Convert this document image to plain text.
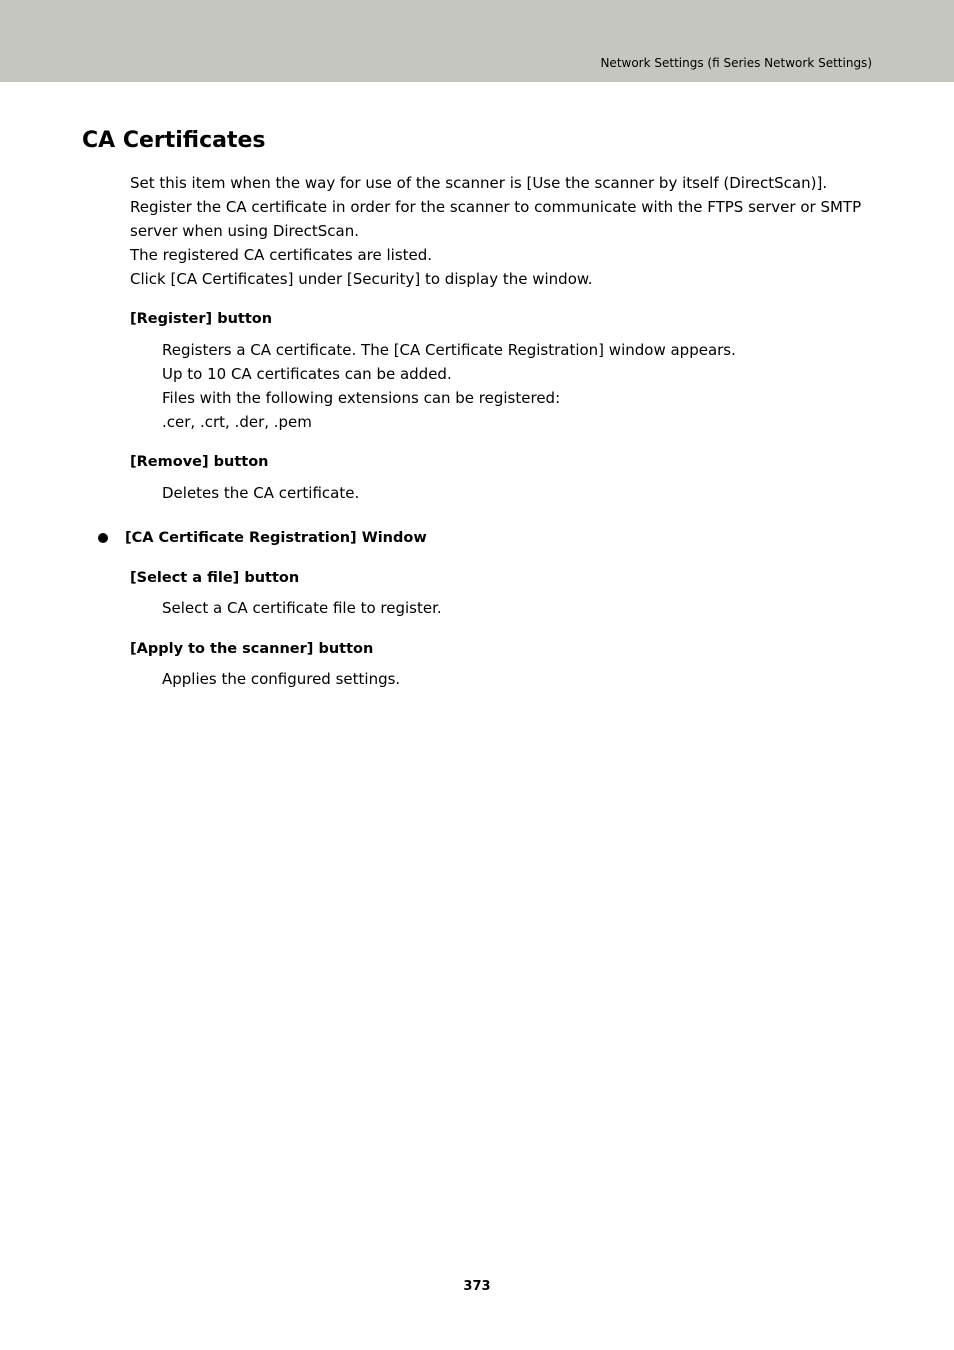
Network Settings (fi Series Network Settings)
CA Certificates

Set this item when the way for use of the scanner is [Use the scanner by itself (DirectScan)].

Register the CA certificate in order for the scanner to communicate with the FTPS server or SMTP server when using DirectScan.

The registered CA certificates are listed.

Click [CA Certificates] under [Security] to display the window.

[Register] button

Registers a CA certificate. The [CA Certificate Registration] window appears.

Up to 10 CA certificates can be added.

Files with the following extensions can be registered:

.cer, .crt, .der, .pem

[Remove] button

Deletes the CA certificate.

[CA Certificate Registration] Window
[Select a file] button

Select a CA certificate file to register.

[Apply to the scanner] button

Applies the configured settings.

373
